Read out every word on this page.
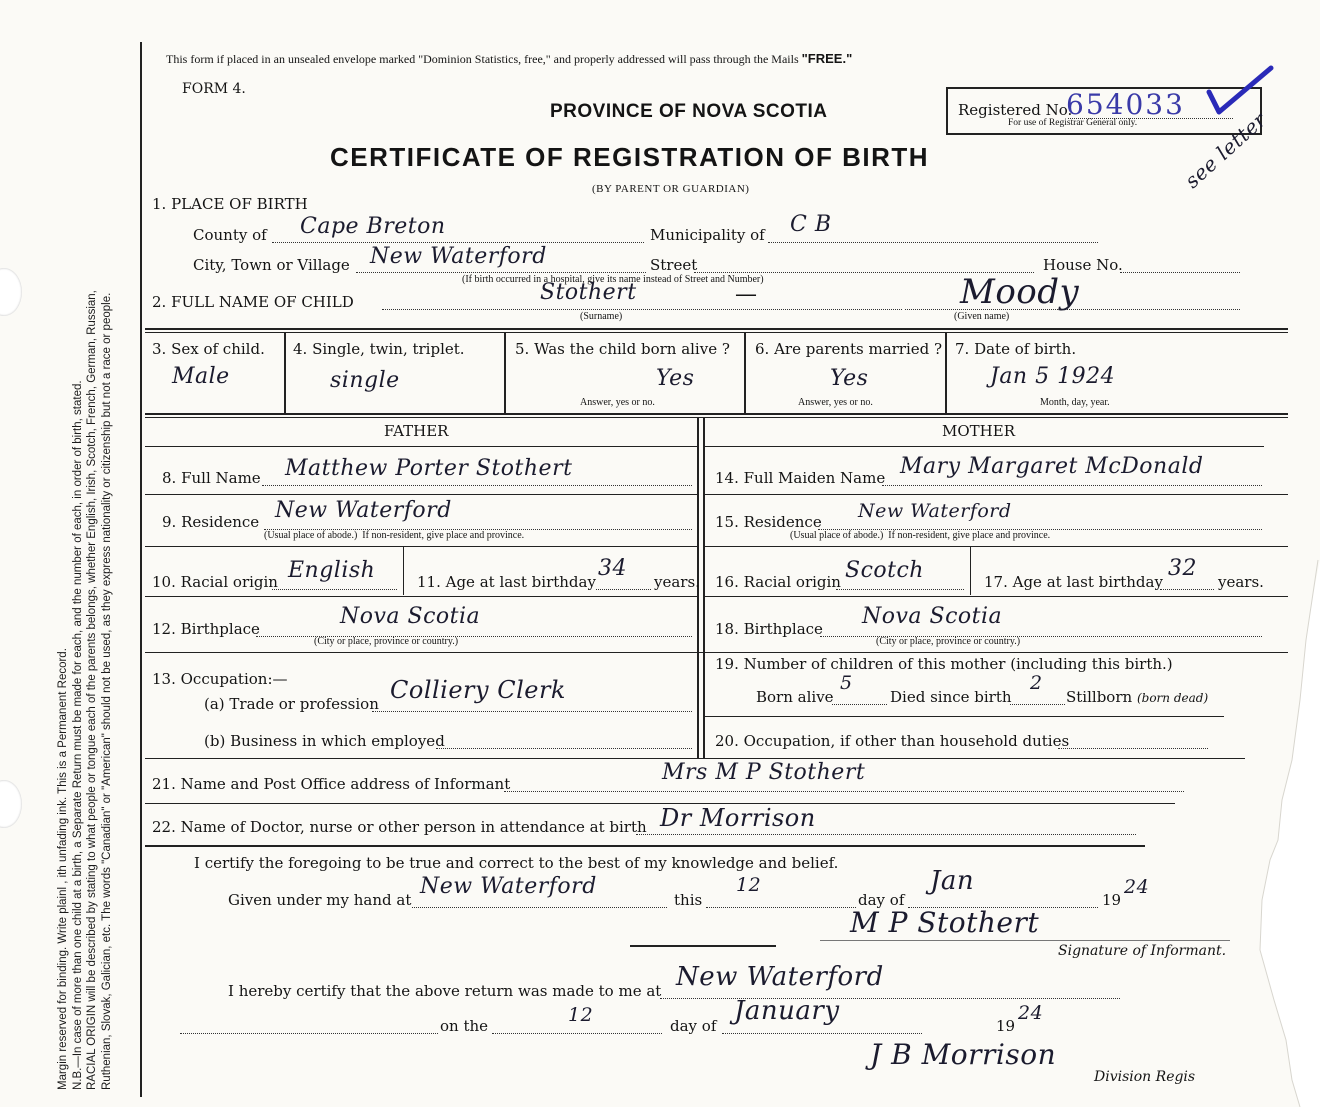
Margin reserved for binding. Write plainl , ith unfading ink. This is a Permanent Record. N.B.—In case of more than one child at a birth, a Separate Return must be made for each, and the number of each, in order of birth, stated. RACIAL ORIGIN will be described by stating to what people or tongue each of the parents belongs, whether English, Irish, Scotch, French, German, Russian, Ruthenian, Slovak, Galician, etc. The words "Canadian" or "American" should not be used, as they express nationality or citizenship but not a race or people.
This form if placed in an unsealed envelope marked "Dominion Statistics, free," and properly addressed will pass through the Mails "FREE."
FORM 4.
PROVINCE OF NOVA SCOTIA
CERTIFICATE OF REGISTRATION OF BIRTH
(BY PARENT OR GUARDIAN)
Registered No.
654033
For use of Registrar General only. see letter
1. PLACE OF BIRTH
County of Cape Breton	Municipality of C B
City, Town or Village New Waterford	Street	House No.
(If birth occurred in a hospital, give its name instead of Street and Number)
2. FULL NAME OF CHILD	Stothert	—
(Surname)
Moody
(Given name)
3. Sex of child.
Male
4. Single, twin, triplet.
single
5. Was the child born alive ?
Yes
Answer, yes or no.
6. Are parents married ?
Yes
Answer, yes or no.
7. Date of birth.
Jan 5 1924
Month, day, year.
FATHER	MOTHER
8. Full Name Matthew Porter Stothert
9. Residence New Waterford
(Usual place of abode.) If non-resident, give place and province.
10. Racial origin English	11. Age at last birthday
34
years.
12. Birthplace	Nova Scotia
(City or place, province or country.)
13. Occupation:—
(a) Trade or profession Colliery Clerk
(b) Business in which employed
14. Full Maiden Name Mary Margaret McDonald
15. Residence New Waterford
(Usual place of abode.) If non-resident, give place and province.
16. Racial origin Scotch	17. Age at last birthday
32
years.
18. Birthplace Nova Scotia
(City or place, province or country.)
19. Number of children of this mother (including this birth.)
Born alive
5
Died since birth
2
Stillborn (born dead)
20. Occupation, if other than household duties
21. Name and Post Office address of Informant	Mrs M P Stothert
22. Name of Doctor, nurse or other person in attendance at birth Dr Morrison
I certify the foregoing to be true and correct to the best of my knowledge and belief.
Given under my hand at
New Waterford
this
12
day of
Jan
19
24
M P Stothert
Signature of Informant.
I hereby certify that the above return was made to me at New Waterford
on the	12	day of January	19
24
J B Morrison
Division Regis
